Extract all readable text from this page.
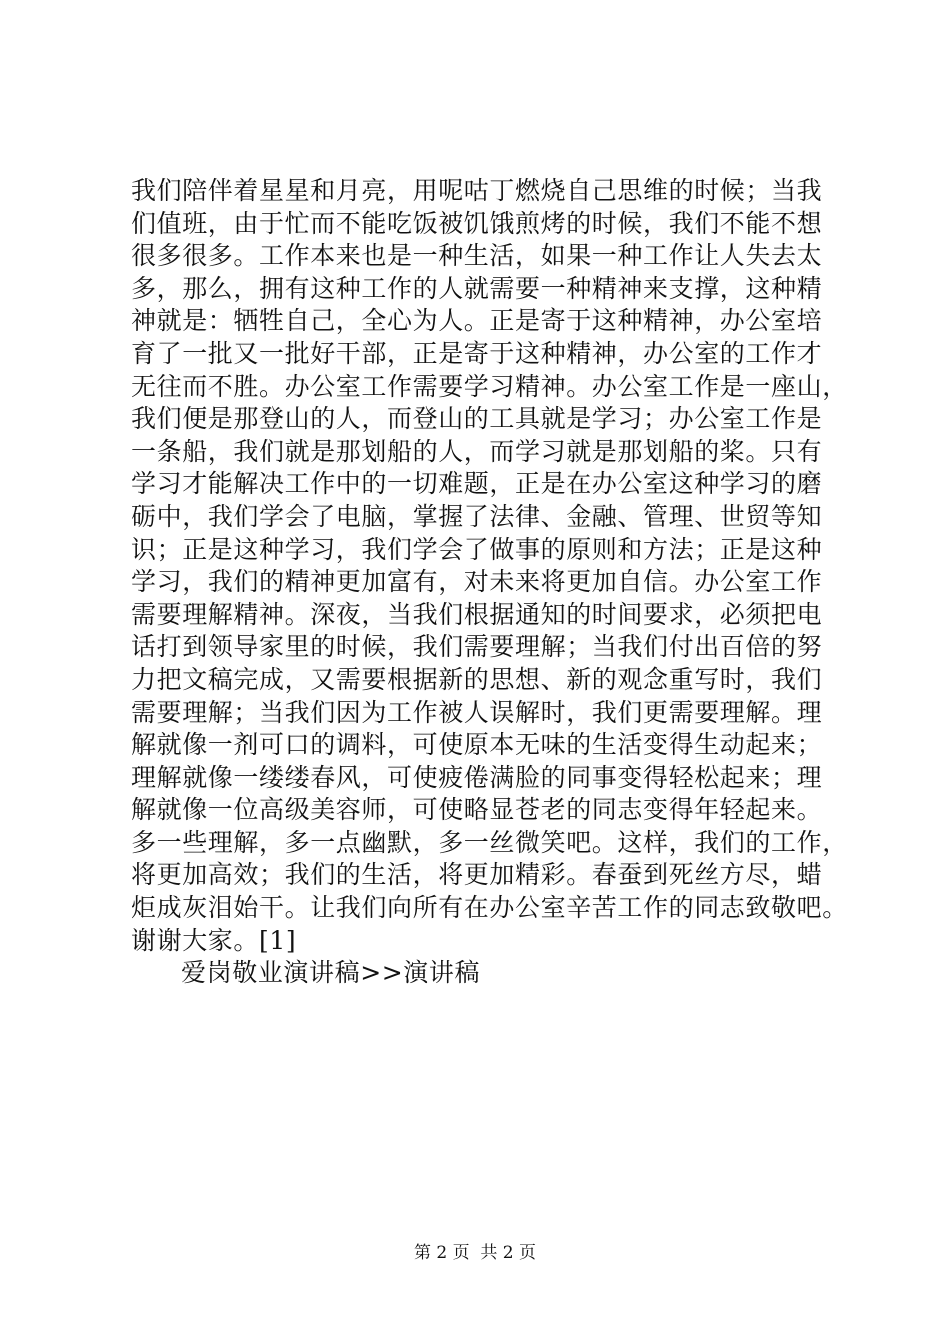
我们陪伴着星星和月亮，用呢咕丁燃烧自己思维的时候；当我
们值班，由于忙而不能吃饭被饥饿煎烤的时候，我们不能不想
很多很多。工作本来也是一种生活，如果一种工作让人失去太
多，那么，拥有这种工作的人就需要一种精神来支撑，这种精
神就是：牺牲自己，全心为人。正是寄于这种精神，办公室培
育了一批又一批好干部，正是寄于这种精神，办公室的工作才
无往而不胜。办公室工作需要学习精神。办公室工作是一座山，
我们便是那登山的人，而登山的工具就是学习；办公室工作是
一条船，我们就是那划船的人，而学习就是那划船的桨。只有
学习才能解决工作中的一切难题，正是在办公室这种学习的磨
砺中，我们学会了电脑，掌握了法律、金融、管理、世贸等知
识；正是这种学习，我们学会了做事的原则和方法；正是这种
学习，我们的精神更加富有，对未来将更加自信。办公室工作
需要理解精神。深夜，当我们根据通知的时间要求，必须把电
话打到领导家里的时候，我们需要理解；当我们付出百倍的努
力把文稿完成，又需要根据新的思想、新的观念重写时，我们
需要理解；当我们因为工作被人误解时，我们更需要理解。理
解就像一剂可口的调料，可使原本无味的生活变得生动起来；
理解就像一缕缕春风，可使疲倦满脸的同事变得轻松起来；理
解就像一位高级美容师，可使略显苍老的同志变得年轻起来。
多一些理解，多一点幽默，多一丝微笑吧。这样，我们的工作，
将更加高效；我们的生活，将更加精彩。春蚕到死丝方尽，蜡
炬成灰泪始干。让我们向所有在办公室辛苦工作的同志致敬吧。
谢谢大家。[1]
爱岗敬业演讲稿>>演讲稿
第 2 页  共 2 页
